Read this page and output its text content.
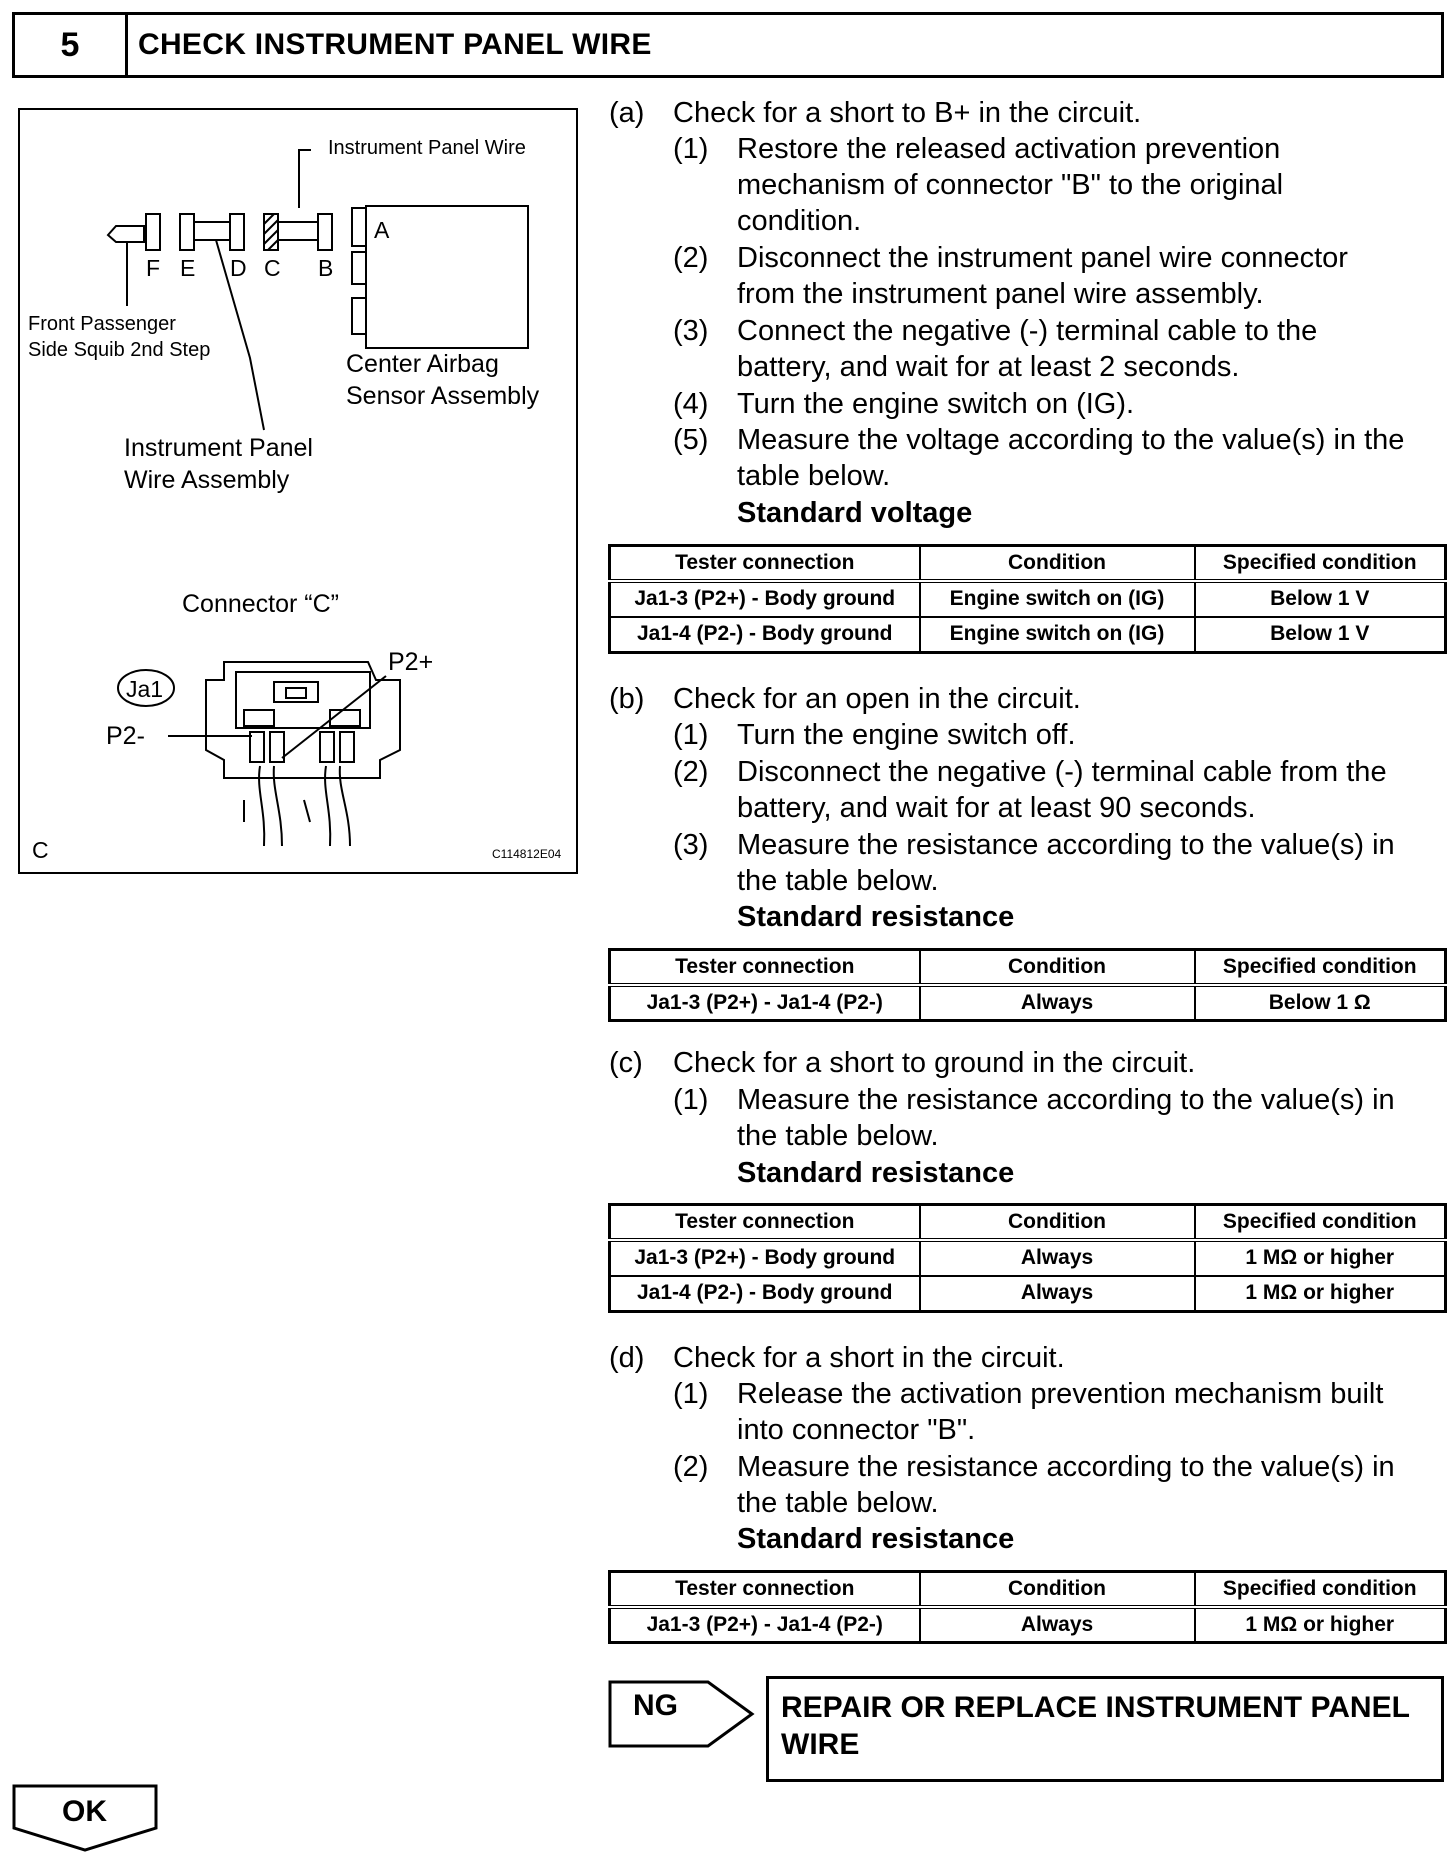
5	CHECK INSTRUMENT PANEL WIRE
Instrument Panel Wire
F E D C B
A
Front Passenger
Side Squib 2nd Step	Center Airbag
Sensor Assembly
Instrument Panel
Wire Assembly
Connector “C”
Ja1
P2-
P2+
C	C114812E04
(a) Check for a short to B+ in the circuit.
(1) Restore the released activation prevention
mechanism of connector "B" to the original
condition.
(2) Disconnect the instrument panel wire connector
from the instrument panel wire assembly.
(3) Connect the negative (-) terminal cable to the
battery, and wait for at least 2 seconds.
(4) Turn the engine switch on (IG).
(5) Measure the voltage according to the value(s) in the
table below.
Standard voltage
Tester connection	Condition	Specified condition
Ja1-3 (P2+) - Body ground	Engine switch on (IG)	Below 1 V
Ja1-4 (P2-) - Body ground	Engine switch on (IG)	Below 1 V
(b) Check for an open in the circuit.
(1) Turn the engine switch off.
(2) Disconnect the negative (-) terminal cable from the
battery, and wait for at least 90 seconds.
(3) Measure the resistance according to the value(s) in
the table below.
Standard resistance
Tester connection	Condition	Specified condition
Ja1-3 (P2+) - Ja1-4 (P2-)	Always	Below 1 Ω
(c) Check for a short to ground in the circuit.
(1) Measure the resistance according to the value(s) in
the table below.
Standard resistance
Tester connection	Condition	Specified condition
Ja1-3 (P2+) - Body ground	Always	1 MΩ or higher
Ja1-4 (P2-) - Body ground	Always	1 MΩ or higher
(d) Check for a short in the circuit.
(1) Release the activation prevention mechanism built
into connector "B".
(2) Measure the resistance according to the value(s) in
the table below.
Standard resistance
Tester connection	Condition	Specified condition
Ja1-3 (P2+) - Ja1-4 (P2-)	Always	1 MΩ or higher
NG	REPAIR OR REPLACE INSTRUMENT PANEL
WIRE
OK
